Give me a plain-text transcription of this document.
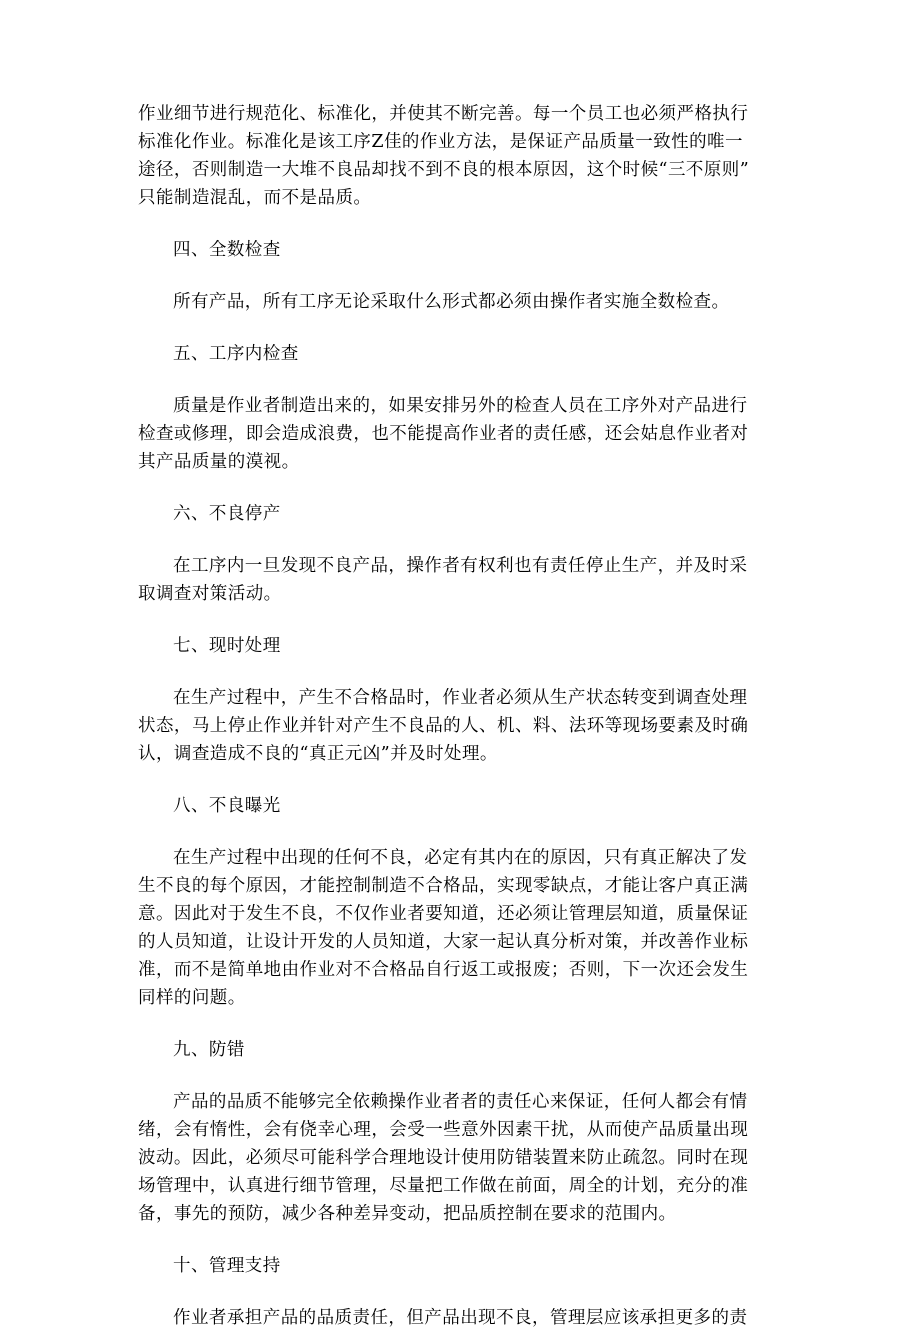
作业细节进行规范化、标准化，并使其不断完善。每一个员工也必须严格执行
标准化作业。标准化是该工序Z佳的作业方法，是保证产品质量一致性的唯一
途径，否则制造一大堆不良品却找不到不良的根本原因，这个时候“三不原则”
只能制造混乱，而不是品质。

四、全数检查

所有产品，所有工序无论采取什么形式都必须由操作者实施全数检查。

五、工序内检查

质量是作业者制造出来的，如果安排另外的检查人员在工序外对产品进行
检查或修理，即会造成浪费，也不能提高作业者的责任感，还会姑息作业者对
其产品质量的漠视。

六、不良停产

在工序内一旦发现不良产品，操作者有权利也有责任停止生产，并及时采
取调查对策活动。

七、现时处理

在生产过程中，产生不合格品时，作业者必须从生产状态转变到调查处理
状态，马上停止作业并针对产生不良品的人、机、料、法环等现场要素及时确
认，调查造成不良的“真正元凶”并及时处理。

八、不良曝光

在生产过程中出现的任何不良，必定有其内在的原因，只有真正解决了发
生不良的每个原因，才能控制制造不合格品，实现零缺点，才能让客户真正满
意。因此对于发生不良，不仅作业者要知道，还必须让管理层知道，质量保证
的人员知道，让设计开发的人员知道，大家一起认真分析对策，并改善作业标
准，而不是简单地由作业对不合格品自行返工或报废；否则，下一次还会发生
同样的问题。

九、防错

产品的品质不能够完全依赖操作业者者的责任心来保证，任何人都会有情
绪，会有惰性，会有侥幸心理，会受一些意外因素干扰，从而使产品质量出现
波动。因此，必须尽可能科学合理地设计使用防错装置来防止疏忽。同时在现
场管理中，认真进行细节管理，尽量把工作做在前面，周全的计划，充分的准
备，事先的预防，减少各种差异变动，把品质控制在要求的范围内。

十、管理支持

作业者承担产品的品质责任，但产品出现不良，管理层应该承担更多的责
